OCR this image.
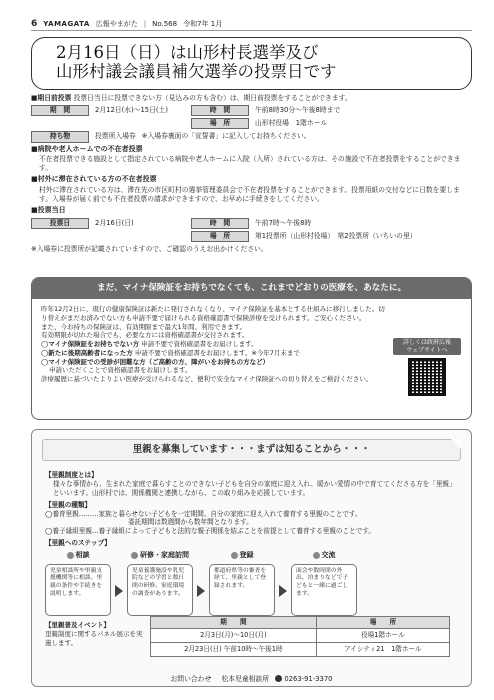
6 YAMAGATA 広報やまがた | No.568 令和7年 1月
2月16日（日）は山形村長選挙及び
山形村議会議員補欠選挙の投票日です
■期日前投票 投票日当日に投票できない方（見込みの方も含む）は、期日前投票をすることができます。
期　間	2月12日(水)～15日(土)	時　間	午前8時30分～午後8時まで
場　所	山形村役場　1階ホール
持ち物	投票所入場券 ※入場券裏面の「宣誓書」に記入してお持ちください。
■病院や老人ホームでの不在者投票
不在者投票できる施設として指定されている病院や老人ホームに入院（入所）されている方は、その施設で不在者投票をすることができます。
■村外に滞在されている方の不在者投票
村外に滞在されている方は、滞在先の市区町村の選挙管理委員会で不在者投票をすることができます。投票用紙の交付などに日数を要します。入場券が届く前でも不在者投票の請求ができますので、お早めに手続きをしてください。
■投票当日
投票日	2月16日(日)	時　間	午前7時～午後8時
場　所	第1投票所（山形村役場）　第2投票所（いちいの里）
※入場券に投票所が記載されていますので、ご確認のうえお出かけください。
まだ、マイナ保険証をお持ちでなくても、これまでどおりの医療を、あなたに。
昨年12月2日に、現行の健康保険証は新たに発行されなくなり、マイナ保険証を基本とする仕組みに移行しました。切り替えがまだお済みでない方も申請不要で届けられる資格確認書で保険診療を受けられます。ご安心ください。
また、今お持ちの保険証は、有効期限まで最大1年間、利用できます。
有効期限が切れた場合でも、必要な方には資格確認書が交付されます。
◯マイナ保険証をお持ちでない方 申請不要で資格確認書をお届けします。
◯新たに後期高齢者になった方 申請不要で資格確認書をお届けします。※今年7月末まで
◯マイナ保険証での受診が困難な方（ご高齢の方、障がいをお持ちの方など）
申請いただくことで資格確認書をお届けします。
診療履歴に基づいたよりよい医療が受けられるなど、便利で安全なマイナ保険証への切り替えをご検討ください。
詳しくは政府広報
ウェブサイトへ
里親を募集しています・・・まずは知ることから・・・
【里親制度とは】
様々な事情から、生まれた家庭で暮らすことのできない子どもを自分の家庭に迎え入れ、暖かい愛情の中で育ててくださる方を「里親」といいます。山形村では、関係機関と連携しながら、この取り組みを応援しています。
【里親の種類】
◯養育里親………家族と暮らせない子どもを一定期間、自分の家庭に迎え入れて養育する里親のことです。
委託期間は数週間から数年間となります。
◯養子縁組里親…養子縁組によって子どもと法的な親子関係を結ぶことを前提として養育する里親のことです。
【里親へのステップ】
相談
児童相談所や里親支援機関等に相談。里親の条件や手続きを説明します。
研修・家庭訪問
児童養護施設や乳児院などの学習と数日間の研修。家庭環境の調査があります。
登録
都道府県等の審査を経て、里親として登録されます。
交流
面会や数時間の外出、泊まりなどで子どもと一緒に過ごします。
【里親普及イベント】
里親制度に関するパネル展示を実施します。
期　　間	場　　所
2月3日(月)～10日(月)	役場1階ホール
2月23日(日) 午前10時～午後1時	アイシティ21　1階ホール
お問い合わせ 松本児童相談所 0263-91-3370
